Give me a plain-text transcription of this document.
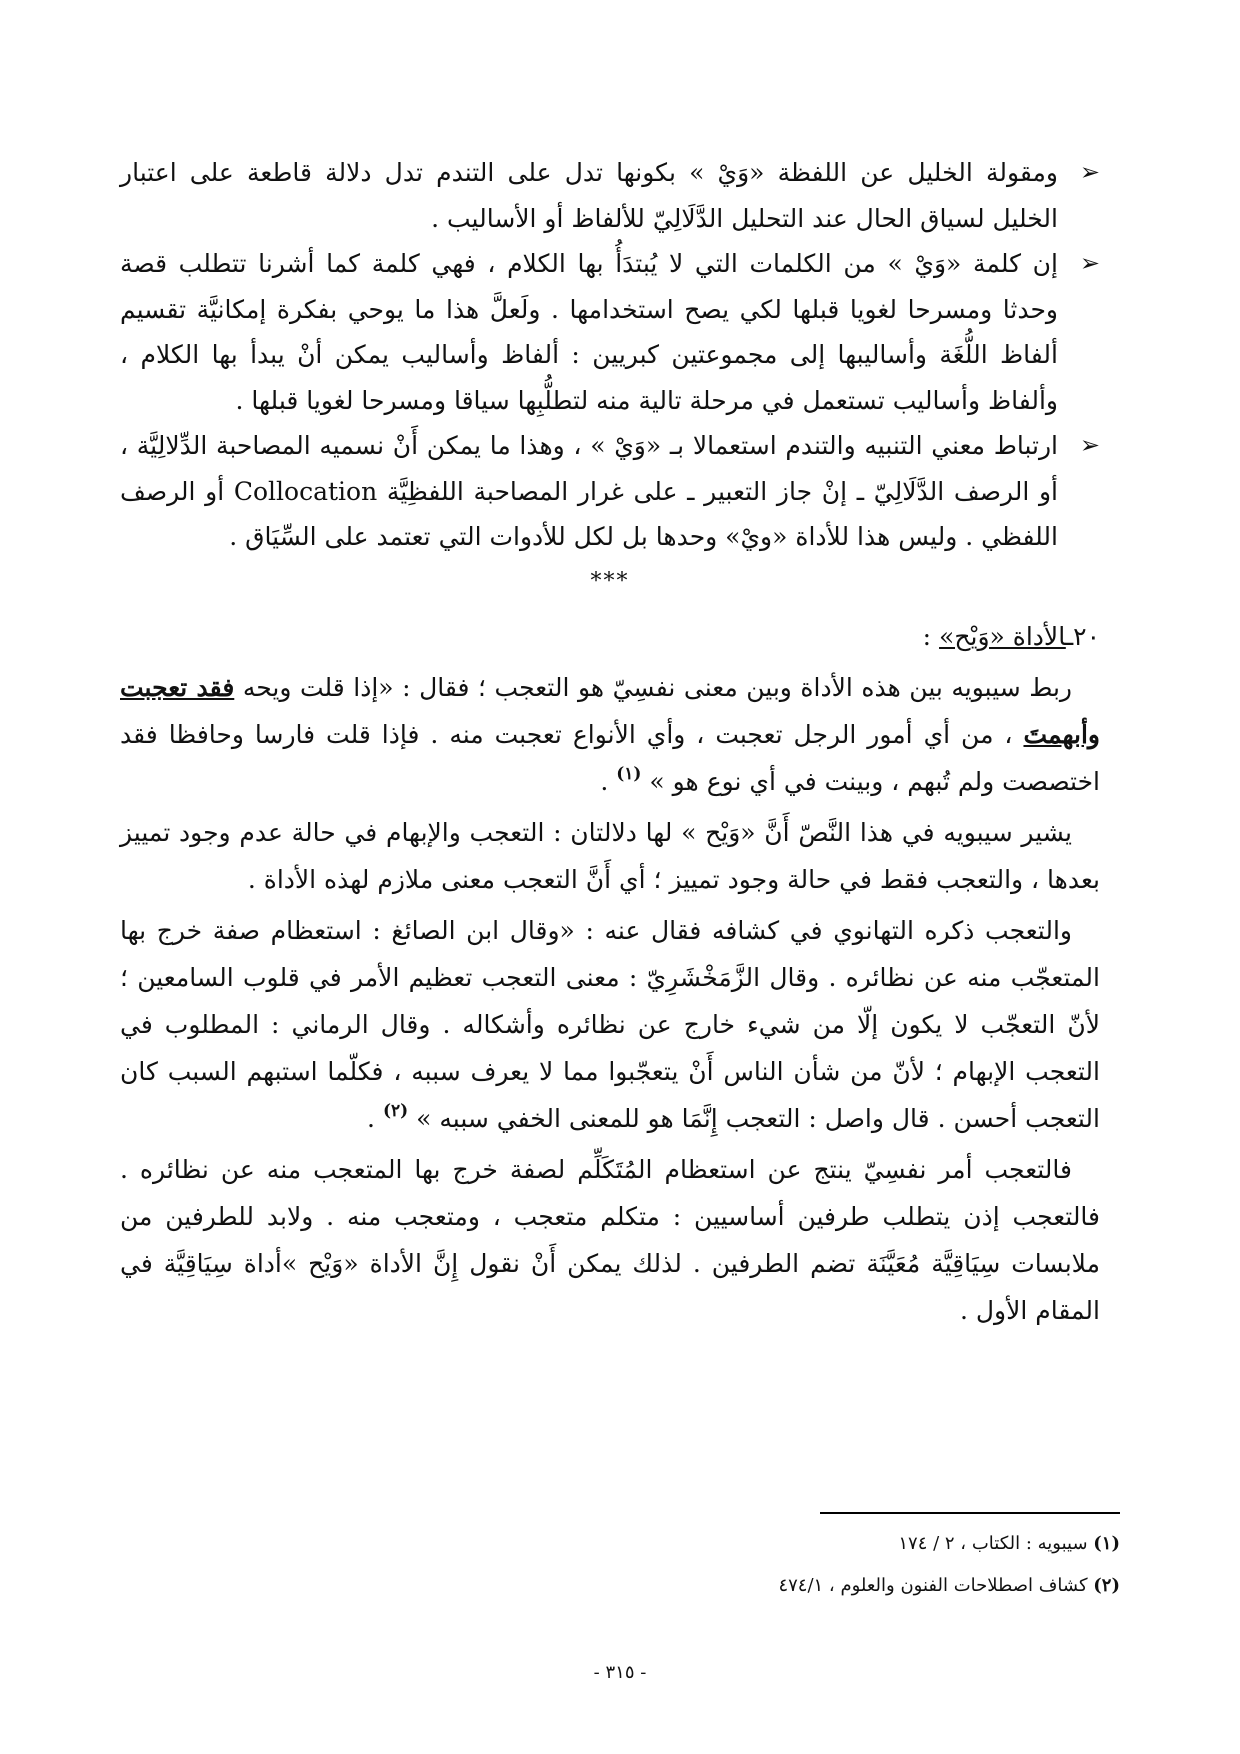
➢
ومقولة الخليل عن اللفظة «وَيْ » بكونها تدل على التندم تدل دلالة قاطعة على اعتبار الخليل لسياق الحال عند التحليل الدَّلَالِيّ للألفاظ أو الأساليب .
➢
إن كلمة «وَيْ » من الكلمات التي لا يُبتدَأُ بها الكلام ، فهي كلمة كما أشرنا تتطلب قصة وحدثا ومسرحا لغويا قبلها لكي يصح استخدامها . ولَعلَّ هذا ما يوحي بفكرة إمكانيَّة تقسيم ألفاظ اللُّغَة وأساليبها إلى مجموعتين كبريين : ألفاظ وأساليب يمكن أنْ يبدأ بها الكلام ، وألفاظ وأساليب تستعمل في مرحلة تالية منه لتطلُّبِها سياقا ومسرحا لغويا قبلها .
➢
ارتباط معني التنبيه والتندم استعمالا بـ «وَيْ » ، وهذا ما يمكن أَنْ نسميه المصاحبة الدِّلالِيَّة ، أو الرصف الدَّلَالِيّ ـ إنْ جاز التعبير ـ على غرار المصاحبة اللفظِيَّة Collocation أو الرصف اللفظي . وليس هذا للأداة «ويْ» وحدها بل لكل للأدوات التي تعتمد على السِّيَاق .
***
٢٠ـالأداة «وَيْح» :

ربط سيبويه بين هذه الأداة وبين معنى نفسِيّ هو التعجب ؛ فقال : «إذا قلت ويحه فقد تعجبت وأبهمتَ ، من أي أمور الرجل تعجبت ، وأي الأنواع تعجبت منه . فإذا قلت فارسا وحافظا فقد اختصصت ولم تُبهم ، وبينت في أي نوع هو » $^{(١)}$ .

يشير سيبويه في هذا النَّصّ أَنَّ «وَيْح » لها دلالتان : التعجب والإبهام في حالة عدم وجود تمييز بعدها ، والتعجب فقط في حالة وجود تمييز ؛ أي أَنَّ التعجب معنى ملازم لهذه الأداة .

والتعجب ذكره التهانوي في كشافه فقال عنه : «وقال ابن الصائغ : استعظام صفة خرج بها المتعجّب منه عن نظائره . وقال الزَّمَخْشَرِيّ : معنى التعجب تعظيم الأمر في قلوب السامعين ؛ لأنّ التعجّب لا يكون إلّا من شيء خارج عن نظائره وأشكاله . وقال الرماني : المطلوب في التعجب الإبهام ؛ لأنّ من شأن الناس أَنْ يتعجّبوا مما لا يعرف سببه ، فكلّما استبهم السبب كان التعجب أحسن . قال واصل : التعجب إِنَّمَا هو للمعنى الخفي سببه » $^{(٢)}$ .

فالتعجب أمر نفسِيّ ينتج عن استعظام المُتَكَلِّم لصفة خرج بها المتعجب منه عن نظائره . فالتعجب إذن يتطلب طرفين أساسيين : متكلم متعجب ، ومتعجب منه . ولابد للطرفين من ملابسات سِيَاقِيَّة مُعَيَّنَة تضم الطرفين . لذلك يمكن أَنْ نقول إِنَّ الأداة «وَيْح »أداة سِيَاقِيَّة في المقام الأول .

(١) سيبويه : الكتاب ، ٢ / ١٧٤
(٢) كشاف اصطلاحات الفنون والعلوم ، ٤٧٤/١
- ٣١٥ -
